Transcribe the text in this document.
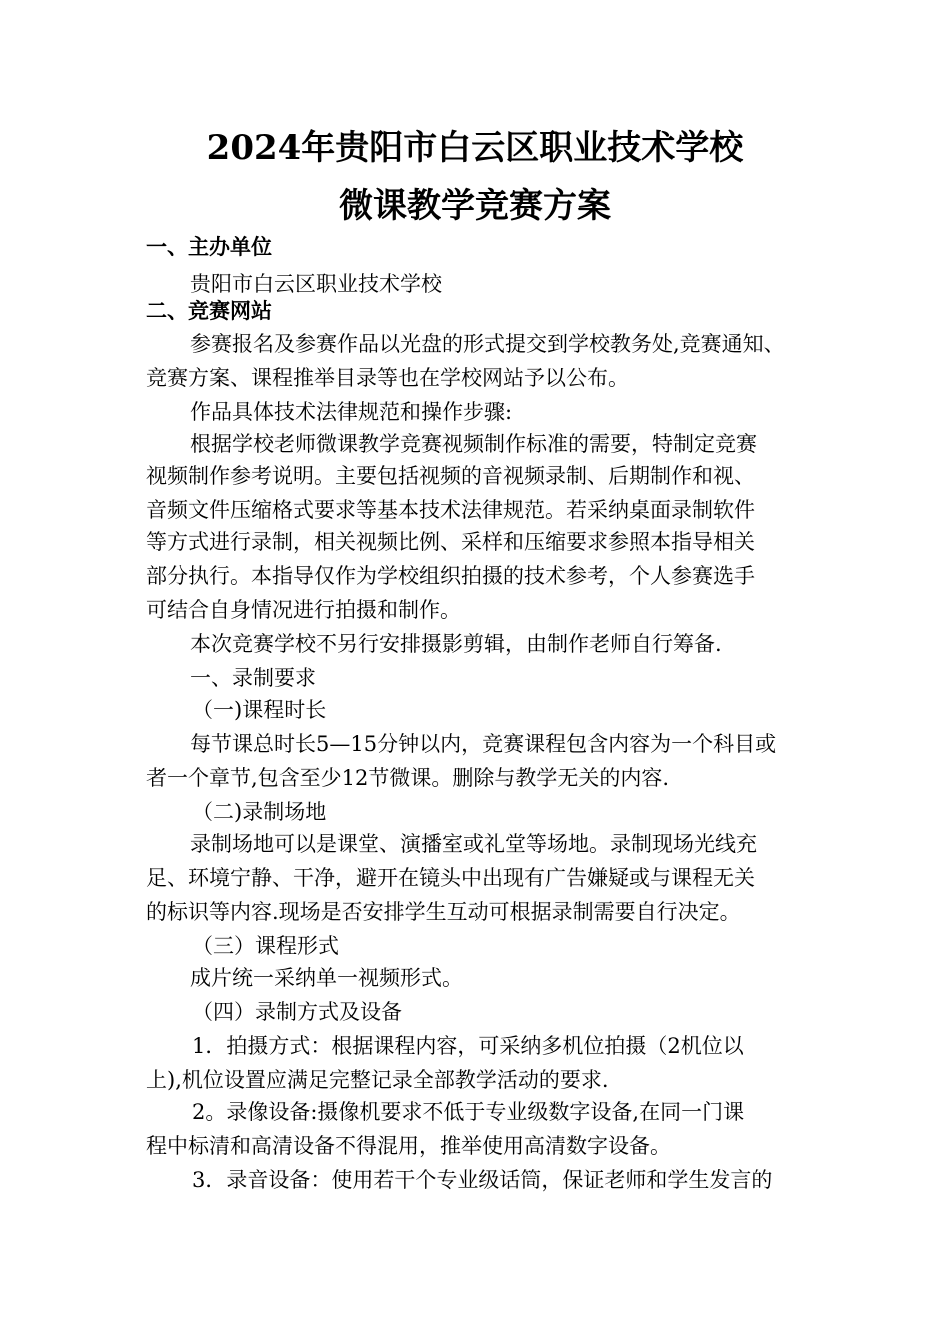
2024年贵阳市白云区职业技术学校
微课教学竞赛方案
一、主办单位
贵阳市白云区职业技术学校
二、竞赛网站
参赛报名及参赛作品以光盘的形式提交到学校教务处,竞赛通知、
竞赛方案、课程推举目录等也在学校网站予以公布。
作品具体技术法律规范和操作步骤:
根据学校老师微课教学竞赛视频制作标准的需要，特制定竞赛
视频制作参考说明。主要包括视频的音视频录制、后期制作和视、
音频文件压缩格式要求等基本技术法律规范。若采纳桌面录制软件
等方式进行录制，相关视频比例、采样和压缩要求参照本指导相关
部分执行。本指导仅作为学校组织拍摄的技术参考，个人参赛选手
可结合自身情况进行拍摄和制作。
本次竞赛学校不另行安排摄影剪辑，由制作老师自行筹备.
一、录制要求
（一)课程时长
每节课总时长5—15分钟以内，竞赛课程包含内容为一个科目或
者一个章节,包含至少12节微课。删除与教学无关的内容.
（二)录制场地
录制场地可以是课堂、演播室或礼堂等场地。录制现场光线充
足、环境宁静、干净，避开在镜头中出现有广告嫌疑或与课程无关
的标识等内容.现场是否安排学生互动可根据录制需要自行决定。
（三）课程形式
成片统一采纳单一视频形式。
（四）录制方式及设备
1．拍摄方式：根据课程内容，可采纳多机位拍摄（2机位以
上),机位设置应满足完整记录全部教学活动的要求.
2。录像设备:摄像机要求不低于专业级数字设备,在同一门课
程中标清和高清设备不得混用，推举使用高清数字设备。
3．录音设备：使用若干个专业级话筒，保证老师和学生发言的
